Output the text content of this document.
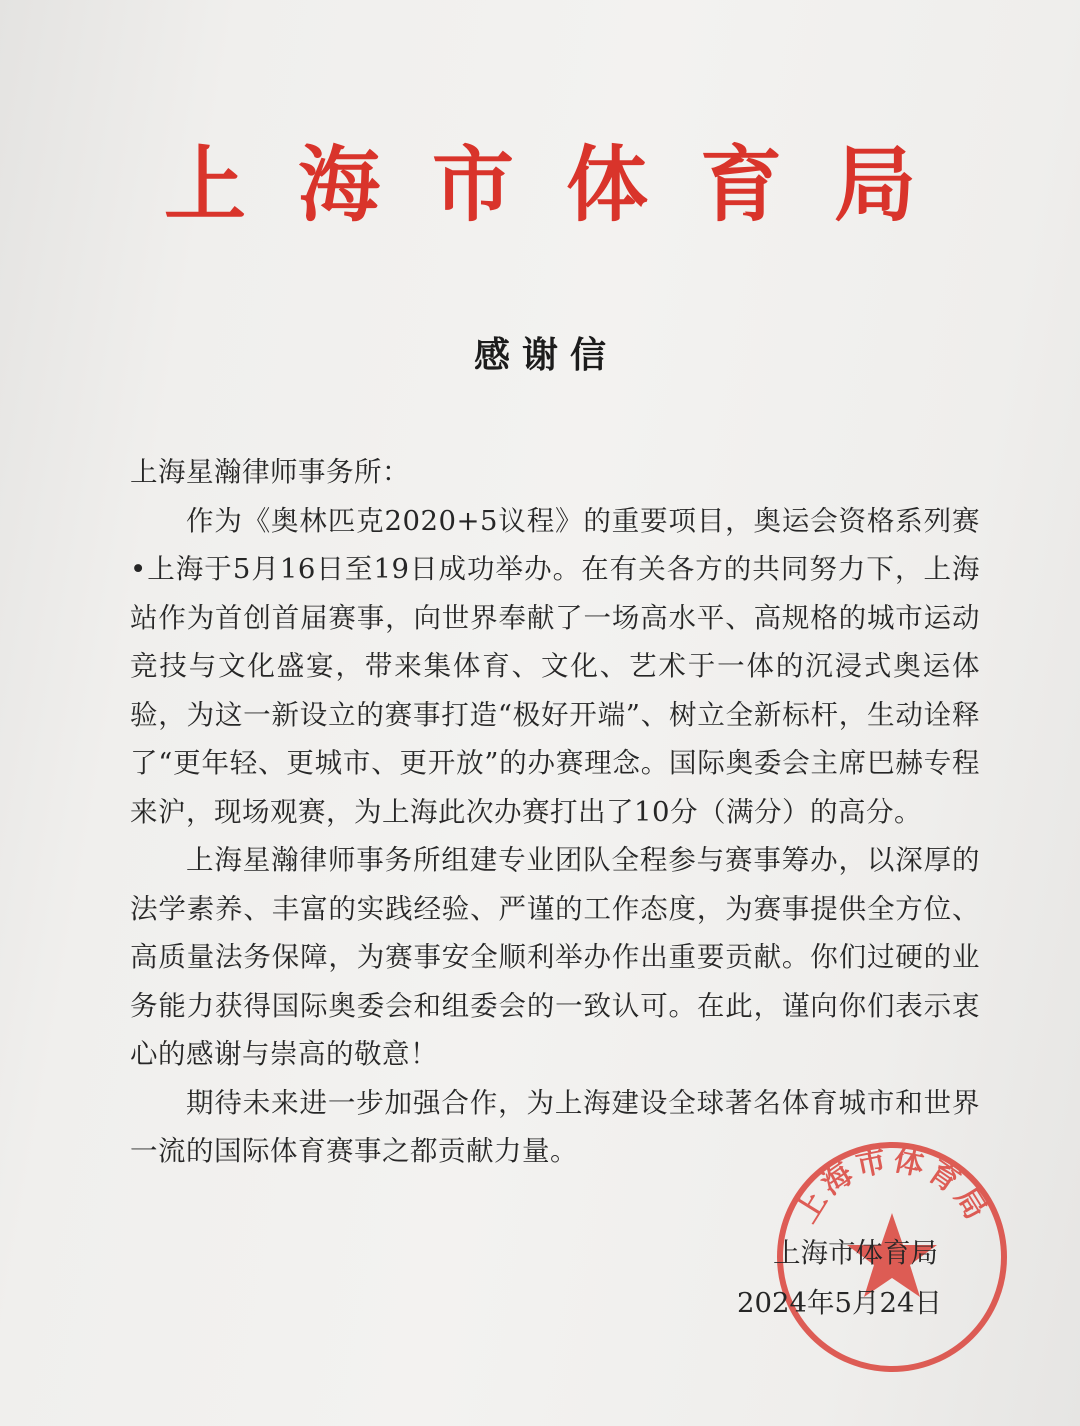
上海市体育局
感谢信

上海星瀚律师事务所：

作为《奥林匹克2020+5议程》的重要项目，奥运会资格系列赛•上海于5月16日至19日成功举办。在有关各方的共同努力下，上海站作为首创首届赛事，向世界奉献了一场高水平、高规格的城市运动竞技与文化盛宴，带来集体育、文化、艺术于一体的沉浸式奥运体验，为这一新设立的赛事打造“极好开端”、树立全新标杆，生动诠释了“更年轻、更城市、更开放”的办赛理念。国际奥委会主席巴赫专程来沪，现场观赛，为上海此次办赛打出了10分（满分）的高分。

上海星瀚律师事务所组建专业团队全程参与赛事筹办，以深厚的法学素养、丰富的实践经验、严谨的工作态度，为赛事提供全方位、高质量法务保障，为赛事安全顺利举办作出重要贡献。你们过硬的业务能力获得国际奥委会和组委会的一致认可。在此，谨向你们表示衷心的感谢与崇高的敬意！

期待未来进一步加强合作，为上海建设全球著名体育城市和世界一流的国际体育赛事之都贡献力量。

上海市体育局
上海市体育局
2024年5月24日
